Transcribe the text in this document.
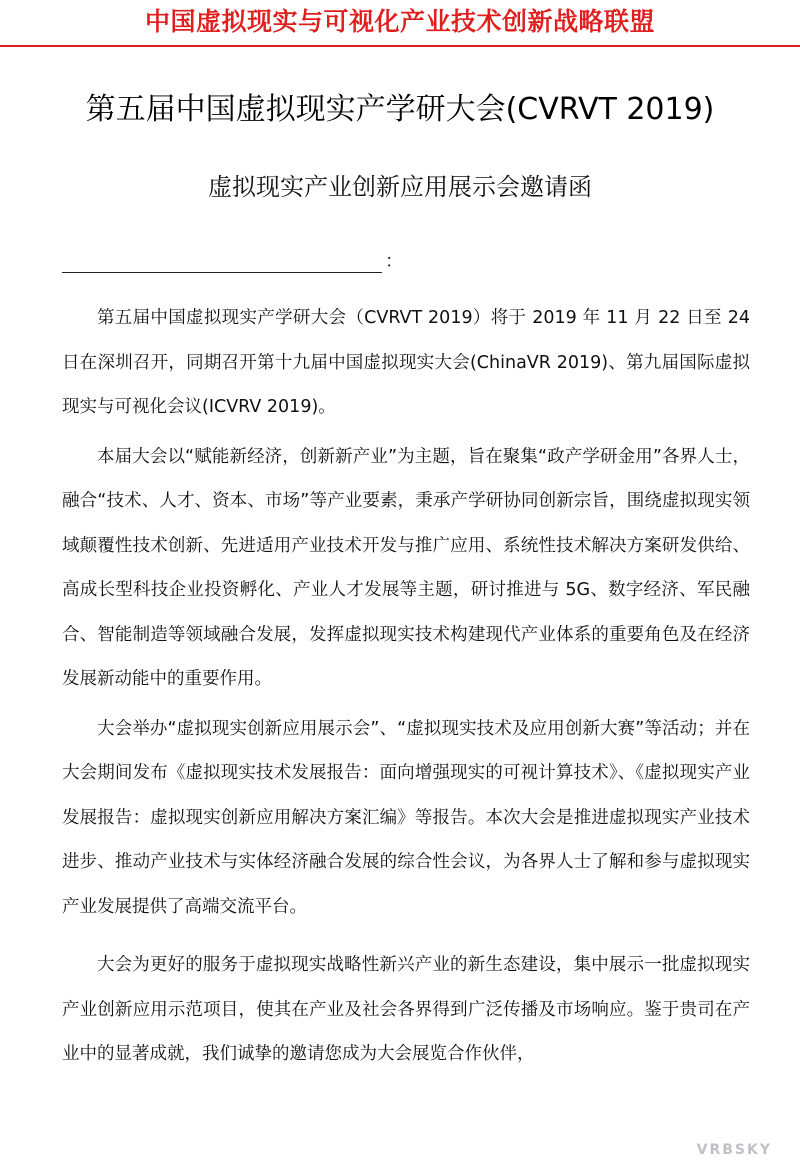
中国虚拟现实与可视化产业技术创新战略联盟
第五届中国虚拟现实产学研大会(CVRVT 2019)
虚拟现实产业创新应用展示会邀请函
：

第五届中国虚拟现实产学研大会（CVRVT 2019）将于 2019 年 11 月 22 日至 24 日在深圳召开，同期召开第十九届中国虚拟现实大会(ChinaVR 2019)、第九届国际虚拟现实与可视化会议(ICVRV 2019)。

本届大会以“赋能新经济，创新新产业”为主题，旨在聚集“政产学研金用”各界人士，融合“技术、人才、资本、市场”等产业要素，秉承产学研协同创新宗旨，围绕虚拟现实领域颠覆性技术创新、先进适用产业技术开发与推广应用、系统性技术解决方案研发供给、高成长型科技企业投资孵化、产业人才发展等主题，研讨推进与 5G、数字经济、军民融合、智能制造等领域融合发展，发挥虚拟现实技术构建现代产业体系的重要角色及在经济发展新动能中的重要作用。

大会举办“虚拟现实创新应用展示会”、“虚拟现实技术及应用创新大赛”等活动；并在大会期间发布《虚拟现实技术发展报告：面向增强现实的可视计算技术》、《虚拟现实产业发展报告：虚拟现实创新应用解决方案汇编》等报告。本次大会是推进虚拟现实产业技术进步、推动产业技术与实体经济融合发展的综合性会议，为各界人士了解和参与虚拟现实产业发展提供了高端交流平台。

大会为更好的服务于虚拟现实战略性新兴产业的新生态建设，集中展示一批虚拟现实产业创新应用示范项目，使其在产业及社会各界得到广泛传播及市场响应。鉴于贵司在产业中的显著成就，我们诚挚的邀请您成为大会展览合作伙伴，

VRBSKY
